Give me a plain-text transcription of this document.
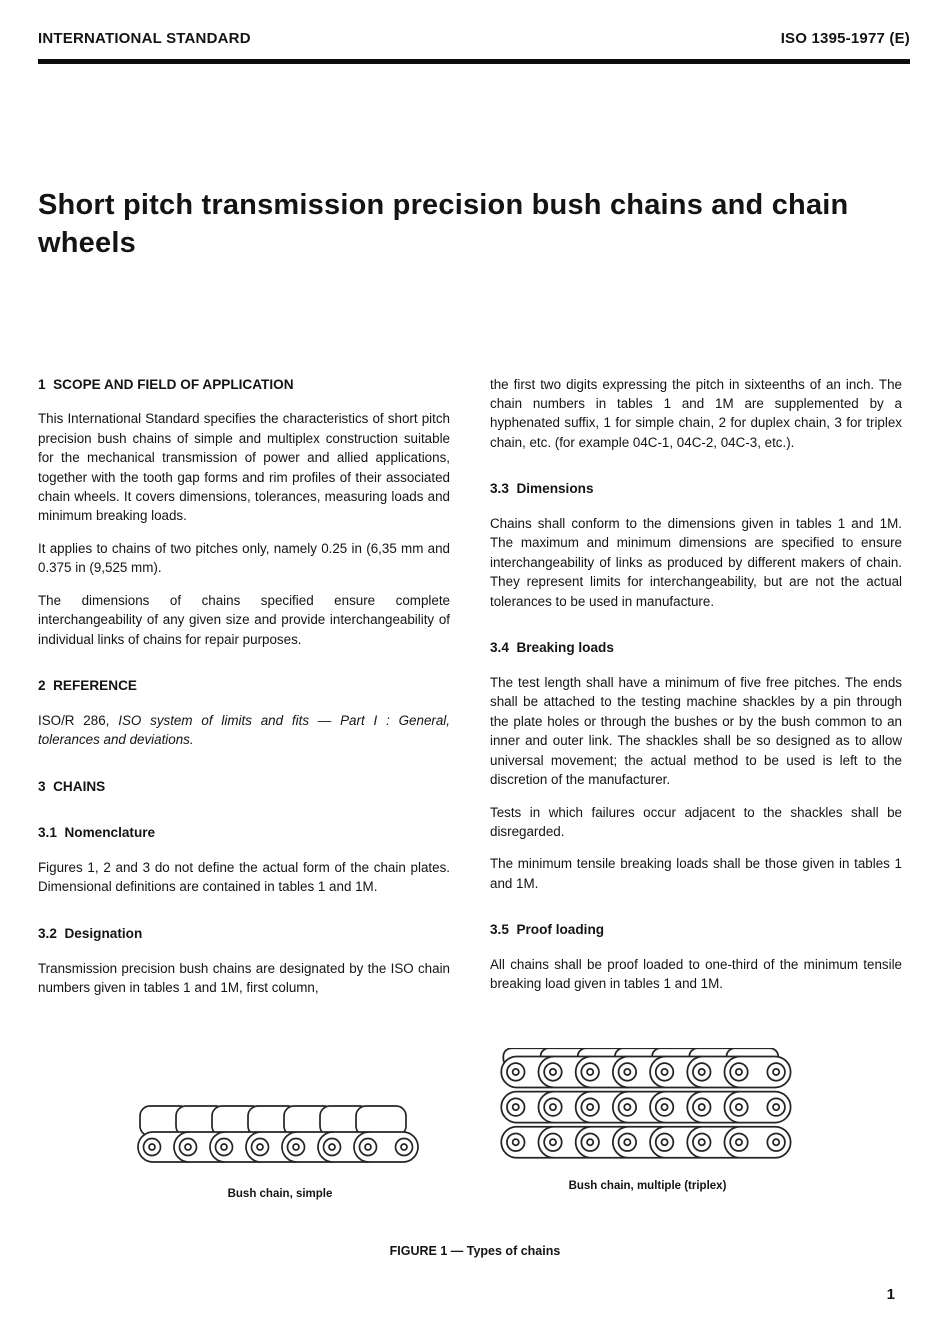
INTERNATIONAL STANDARD	ISO 1395-1977 (E)
Short pitch transmission precision bush chains and chain wheels
1  SCOPE AND FIELD OF APPLICATION

This International Standard specifies the characteristics of short pitch precision bush chains of simple and multiplex construction suitable for the mechanical transmission of power and allied applications, together with the tooth gap forms and rim profiles of their associated chain wheels. It covers dimensions, tolerances, measuring loads and minimum breaking loads.

It applies to chains of two pitches only, namely 0.25 in (6,35 mm and 0.375 in (9,525 mm).

The dimensions of chains specified ensure complete interchangeability of any given size and provide interchangeability of individual links of chains for repair purposes.

2  REFERENCE

ISO/R 286, ISO system of limits and fits — Part I : General, tolerances and deviations.

3  CHAINS
3.1  Nomenclature

Figures 1, 2 and 3 do not define the actual form of the chain plates. Dimensional definitions are contained in tables 1 and 1M.

3.2  Designation

Transmission precision bush chains are designated by the ISO chain numbers given in tables 1 and 1M, first column,

the first two digits expressing the pitch in sixteenths of an inch. The chain numbers in tables 1 and 1M are supplemented by a hyphenated suffix, 1 for simple chain, 2 for duplex chain, 3 for triplex chain, etc. (for example 04C-1, 04C-2, 04C-3, etc.).

3.3  Dimensions

Chains shall conform to the dimensions given in tables 1 and 1M. The maximum and minimum dimensions are specified to ensure interchangeability of links as produced by different makers of chain. They represent limits for interchangeability, but are not the actual tolerances to be used in manufacture.

3.4  Breaking loads

The test length shall have a minimum of five free pitches. The ends shall be attached to the testing machine shackles by a pin through the plate holes or through the bushes or by the bush common to an inner and outer link. The shackles shall be so designed as to allow universal movement; the actual method to be used is left to the discretion of the manufacturer.

Tests in which failures occur adjacent to the shackles shall be disregarded.

The minimum tensile breaking loads shall be those given in tables 1 and 1M.

3.5  Proof loading

All chains shall be proof loaded to one-third of the minimum tensile breaking load given in tables 1 and 1M.

Bush chain, simple
Bush chain, multiple (triplex)
FIGURE 1 — Types of chains
1
